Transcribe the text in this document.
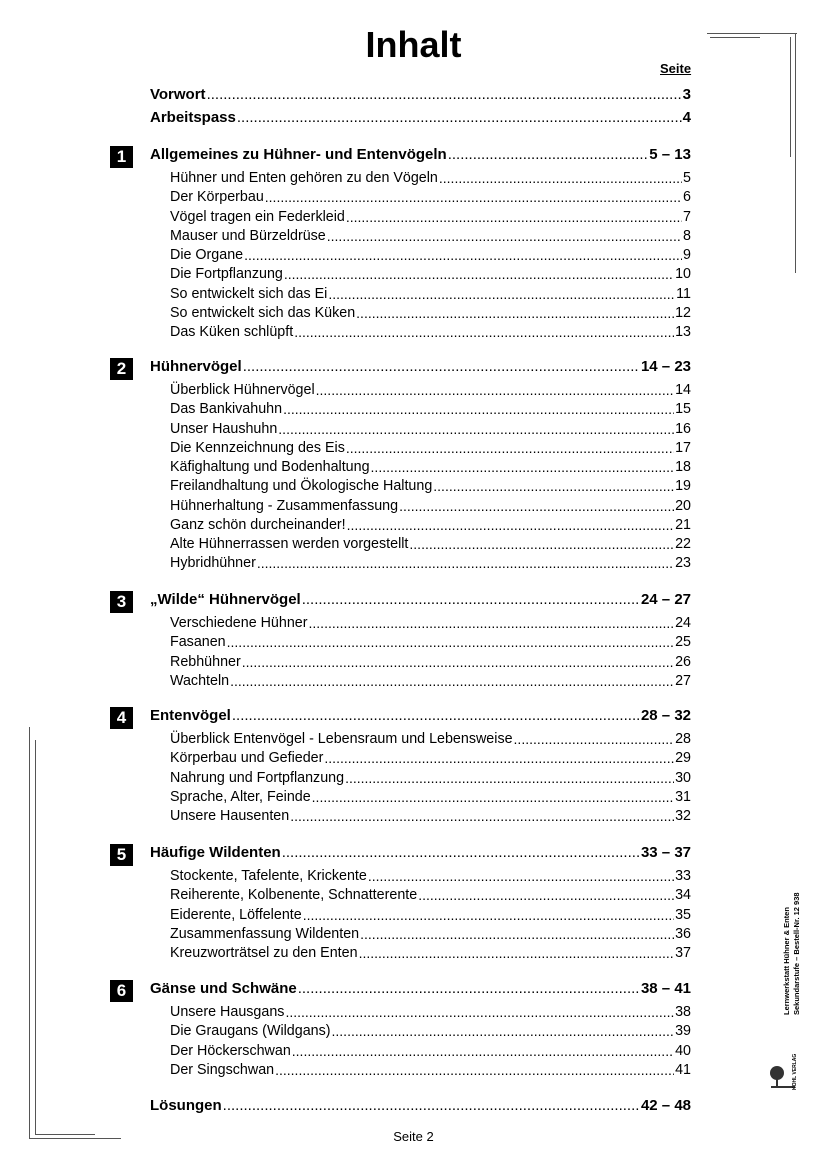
Inhalt
Seite
Vorwort .....	3
Arbeitspass .....	4
1	Allgemeines zu Hühner- und Entenvögeln .....	5 – 13
Hühner und Enten gehören zu den Vögeln .....	5
Der Körperbau .....	6
Vögel tragen ein Federkleid .....	7
Mauser und Bürzeldrüse .....	8
Die Organe .....	9
Die Fortpflanzung .....	10
So entwickelt sich das Ei .....	11
So entwickelt sich das Küken .....	12
Das Küken schlüpft .....	13
2	Hühnervögel .....	14 – 23
Überblick Hühnervögel .....	14
Das Bankivahuhn .....	15
Unser Haushuhn .....	16
Die Kennzeichnung des Eis .....	17
Käfighaltung und Bodenhaltung .....	18
Freilandhaltung und Ökologische Haltung .....	19
Hühnerhaltung - Zusammenfassung .....	20
Ganz schön durcheinander! .....	21
Alte Hühnerrassen werden vorgestellt .....	22
Hybridhühner .....	23
3	„Wilde“ Hühnervögel .....	24 – 27
Verschiedene Hühner .....	24
Fasanen .....	25
Rebhühner .....	26
Wachteln .....	27
4	Entenvögel .....	28 – 32
Überblick Entenvögel - Lebensraum und Lebensweise .....	28
Körperbau und Gefieder .....	29
Nahrung und Fortpflanzung .....	30
Sprache, Alter, Feinde .....	31
Unsere Hausenten .....	32
5	Häufige Wildenten .....	33 – 37
Stockente, Tafelente, Krickente .....	33
Reiherente, Kolbenente, Schnatterente .....	34
Eiderente, Löffelente .....	35
Zusammenfassung Wildenten .....	36
Kreuzworträtsel zu den Enten .....	37
6	Gänse und Schwäne .....	38 – 41
Unsere Hausgans .....	38
Die Graugans (Wildgans) .....	39
Der Höckerschwan .....	40
Der Singschwan .....	41
Lösungen .....	42 – 48
Seite 2
Lernwerkstatt Hühner & Enten Sekundarstufe – Bestell-Nr. 12 938
KOHL VERLAG
